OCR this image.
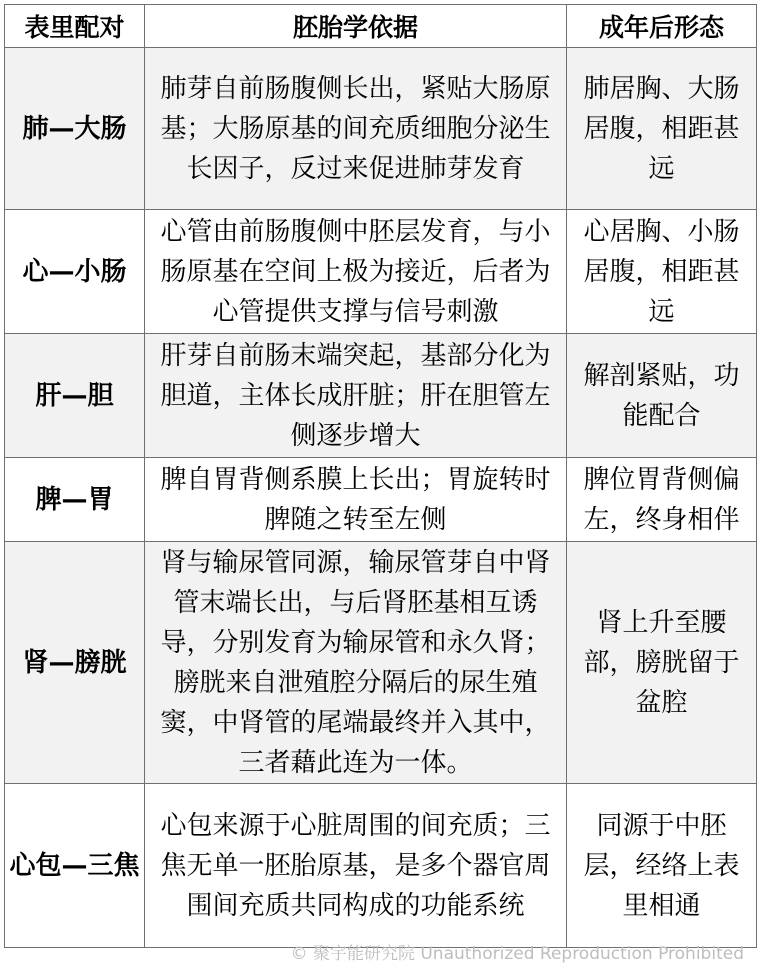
表里配对	胚胎学依据	成年后形态
肺—大肠	肺芽自前肠腹侧长出，紧贴大肠原基；大肠原基的间充质细胞分泌生长因子，反过来促进肺芽发育	肺居胸、大肠居腹，相距甚远
心—小肠	心管由前肠腹侧中胚层发育，与小肠原基在空间上极为接近，后者为心管提供支撑与信号刺激	心居胸、小肠居腹，相距甚远
肝—胆	肝芽自前肠末端突起，基部分化为胆道，主体长成肝脏；肝在胆管左侧逐步增大	解剖紧贴，功能配合
脾—胃	脾自胃背侧系膜上长出；胃旋转时脾随之转至左侧	脾位胃背侧偏左，终身相伴
肾—膀胱	肾与输尿管同源，输尿管芽自中肾管末端长出，与后肾胚基相互诱导，分别发育为输尿管和永久肾；膀胱来自泄殖腔分隔后的尿生殖窦，中肾管的尾端最终并入其中，三者藉此连为一体。	肾上升至腰部，膀胱留于盆腔
心包—三焦	心包来源于心脏周围的间充质；三焦无单一胚胎原基，是多个器官周围间充质共同构成的功能系统	同源于中胚层，经络上表里相通
© 聚宇能研究院 Unauthorized Reproduction Prohibited
